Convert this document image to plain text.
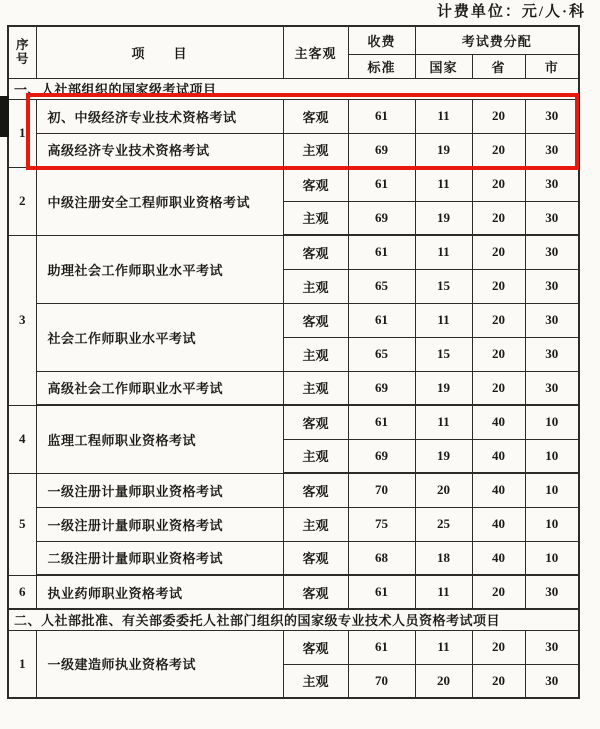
计费单位：元/人·科
序
号	项　　目	主客观	收费	考试费分配		
			标准	国家	省	市
一、人社部组织的国家级考试项目						
1	初、中级经济专业技术资格考试	客观	61	11	20	30
	高级经济专业技术资格考试	主观	69	19	20	30
2	中级注册安全工程师职业资格考试	客观	61	11	20	30
		主观	69	19	20	30
3	助理社会工作师职业水平考试	客观	61	11	20	30
		主观	65	15	20	30
	社会工作师职业水平考试	客观	61	11	20	30
		主观	65	15	20	30
	高级社会工作师职业水平考试	主观	69	19	20	30
4	监理工程师职业资格考试	客观	61	11	40	10
		主观	69	19	40	10
5	一级注册计量师职业资格考试	客观	70	20	40	10
	一级注册计量师职业资格考试	主观	75	25	40	10
	二级注册计量师职业资格考试	客观	68	18	40	10
6	执业药师职业资格考试	客观	61	11	20	30
二、人社部批准、有关部委委托人社部门组织的国家级专业技术人员资格考试项目						
1	一级建造师执业资格考试	客观	61	11	20	30
		主观	70	20	20	30
